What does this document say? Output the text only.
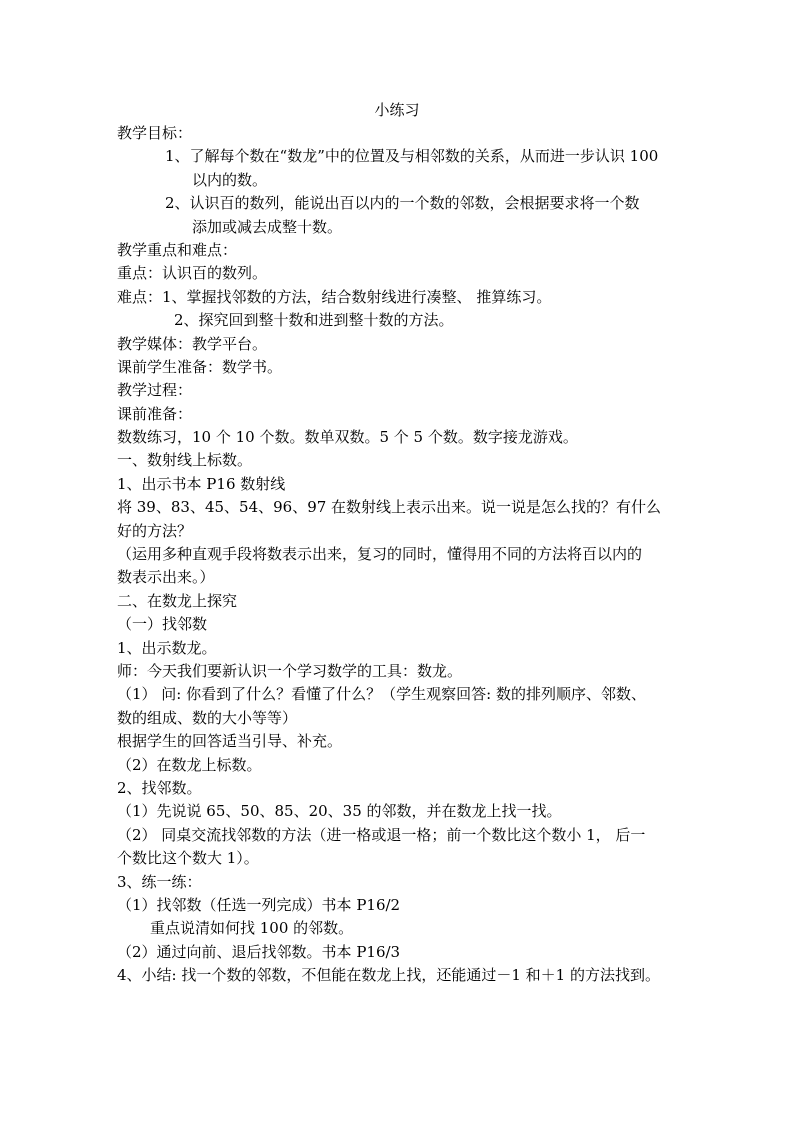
小练习
教学目标：
1、了解每个数在“数龙”中的位置及与相邻数的关系，从而进一步认识 100
以内的数。
2、认识百的数列，能说出百以内的一个数的邻数，会根据要求将一个数
添加或减去成整十数。
教学重点和难点：
重点：认识百的数列。
难点：1、掌握找邻数的方法，结合数射线进行凑整、 推算练习。
2、探究回到整十数和进到整十数的方法。
教学媒体：教学平台。
课前学生准备：数学书。
教学过程：
课前准备：
数数练习，10 个 10 个数。数单双数。5 个 5 个数。数字接龙游戏。
一、数射线上标数。
1、出示书本 P16 数射线
将 39、83、45、54、96、97 在数射线上表示出来。说一说是怎么找的？有什么
好的方法？
（运用多种直观手段将数表示出来，复习的同时，懂得用不同的方法将百以内的
数表示出来。）
二、在数龙上探究
（一）找邻数
1、出示数龙。
师：今天我们要新认识一个学习数学的工具：数龙。
（1） 问: 你看到了什么？看懂了什么？（学生观察回答: 数的排列顺序、邻数、
数的组成、数的大小等等）
根据学生的回答适当引导、补充。
（2）在数龙上标数。
2、找邻数。
（1）先说说 65、50、85、20、35 的邻数，并在数龙上找一找。
（2） 同桌交流找邻数的方法（进一格或退一格；前一个数比这个数小 1， 后一
个数比这个数大 1）。
3、练一练：
（1）找邻数（任选一列完成）书本 P16/2
重点说清如何找 100 的邻数。
（2）通过向前、退后找邻数。书本 P16/3
4、小结: 找一个数的邻数，不但能在数龙上找，还能通过－1 和＋1 的方法找到。
